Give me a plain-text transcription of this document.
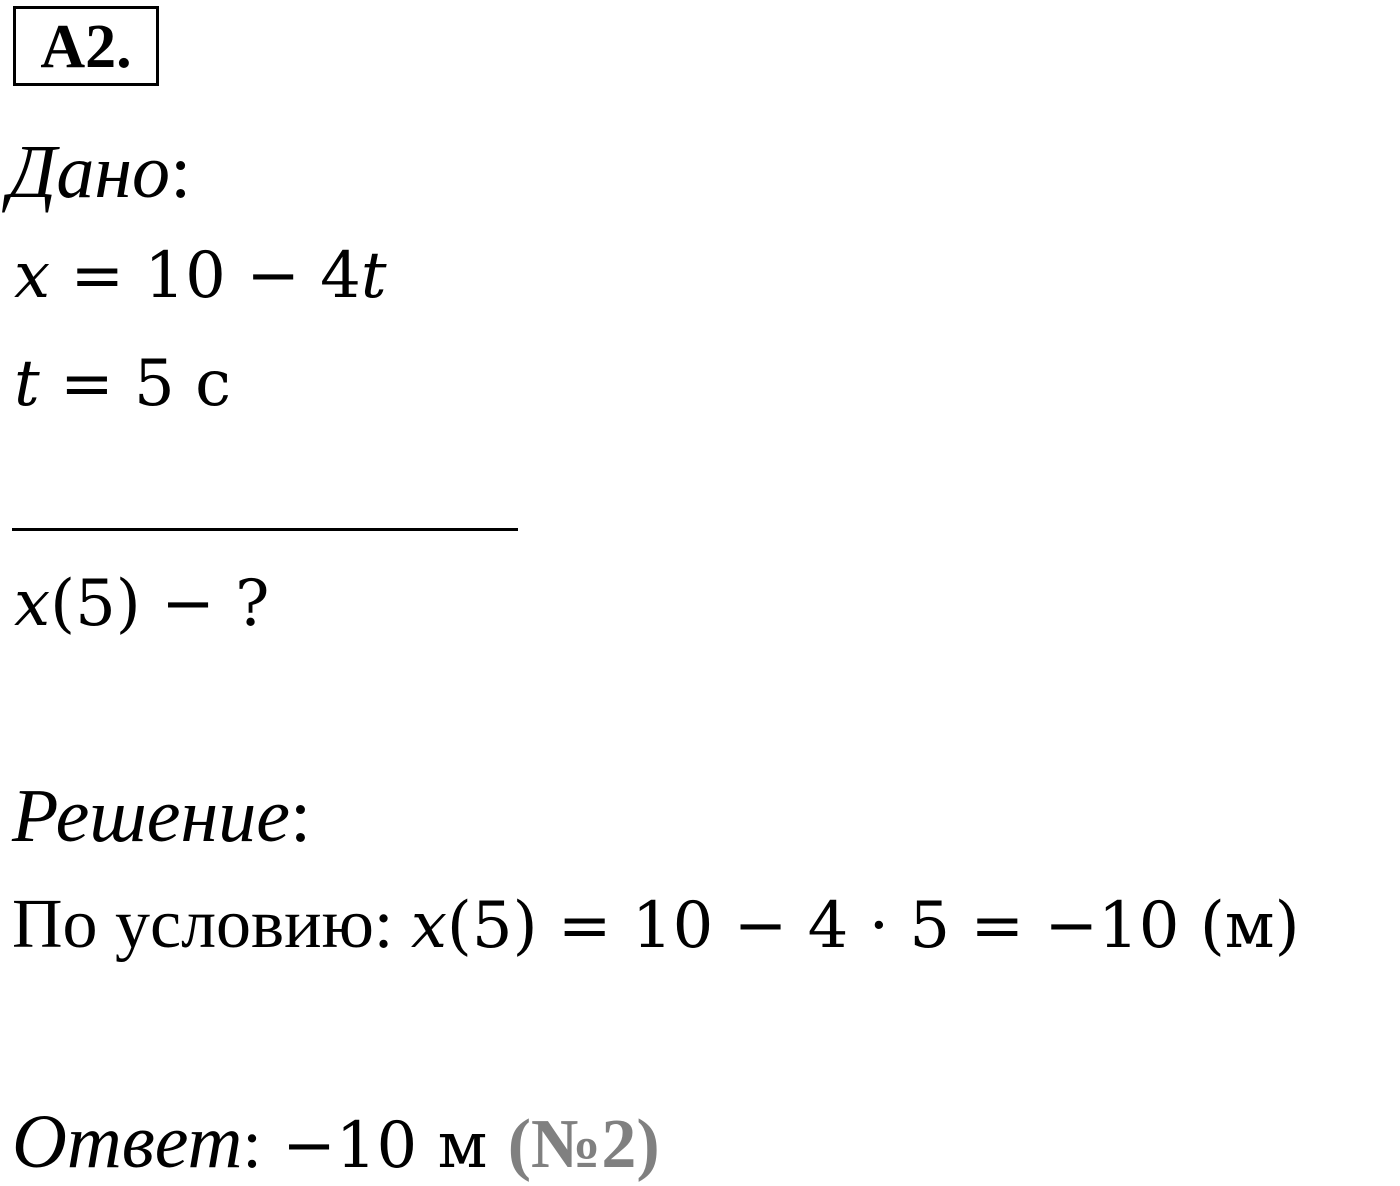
А2.
Дано:
x = 10 − 4t
t = 5 с
x(5) − ?
Решение:
По условию: x(5) = 10 − 4 · 5 = −10 (м)
Ответ: −10 м (№2)
